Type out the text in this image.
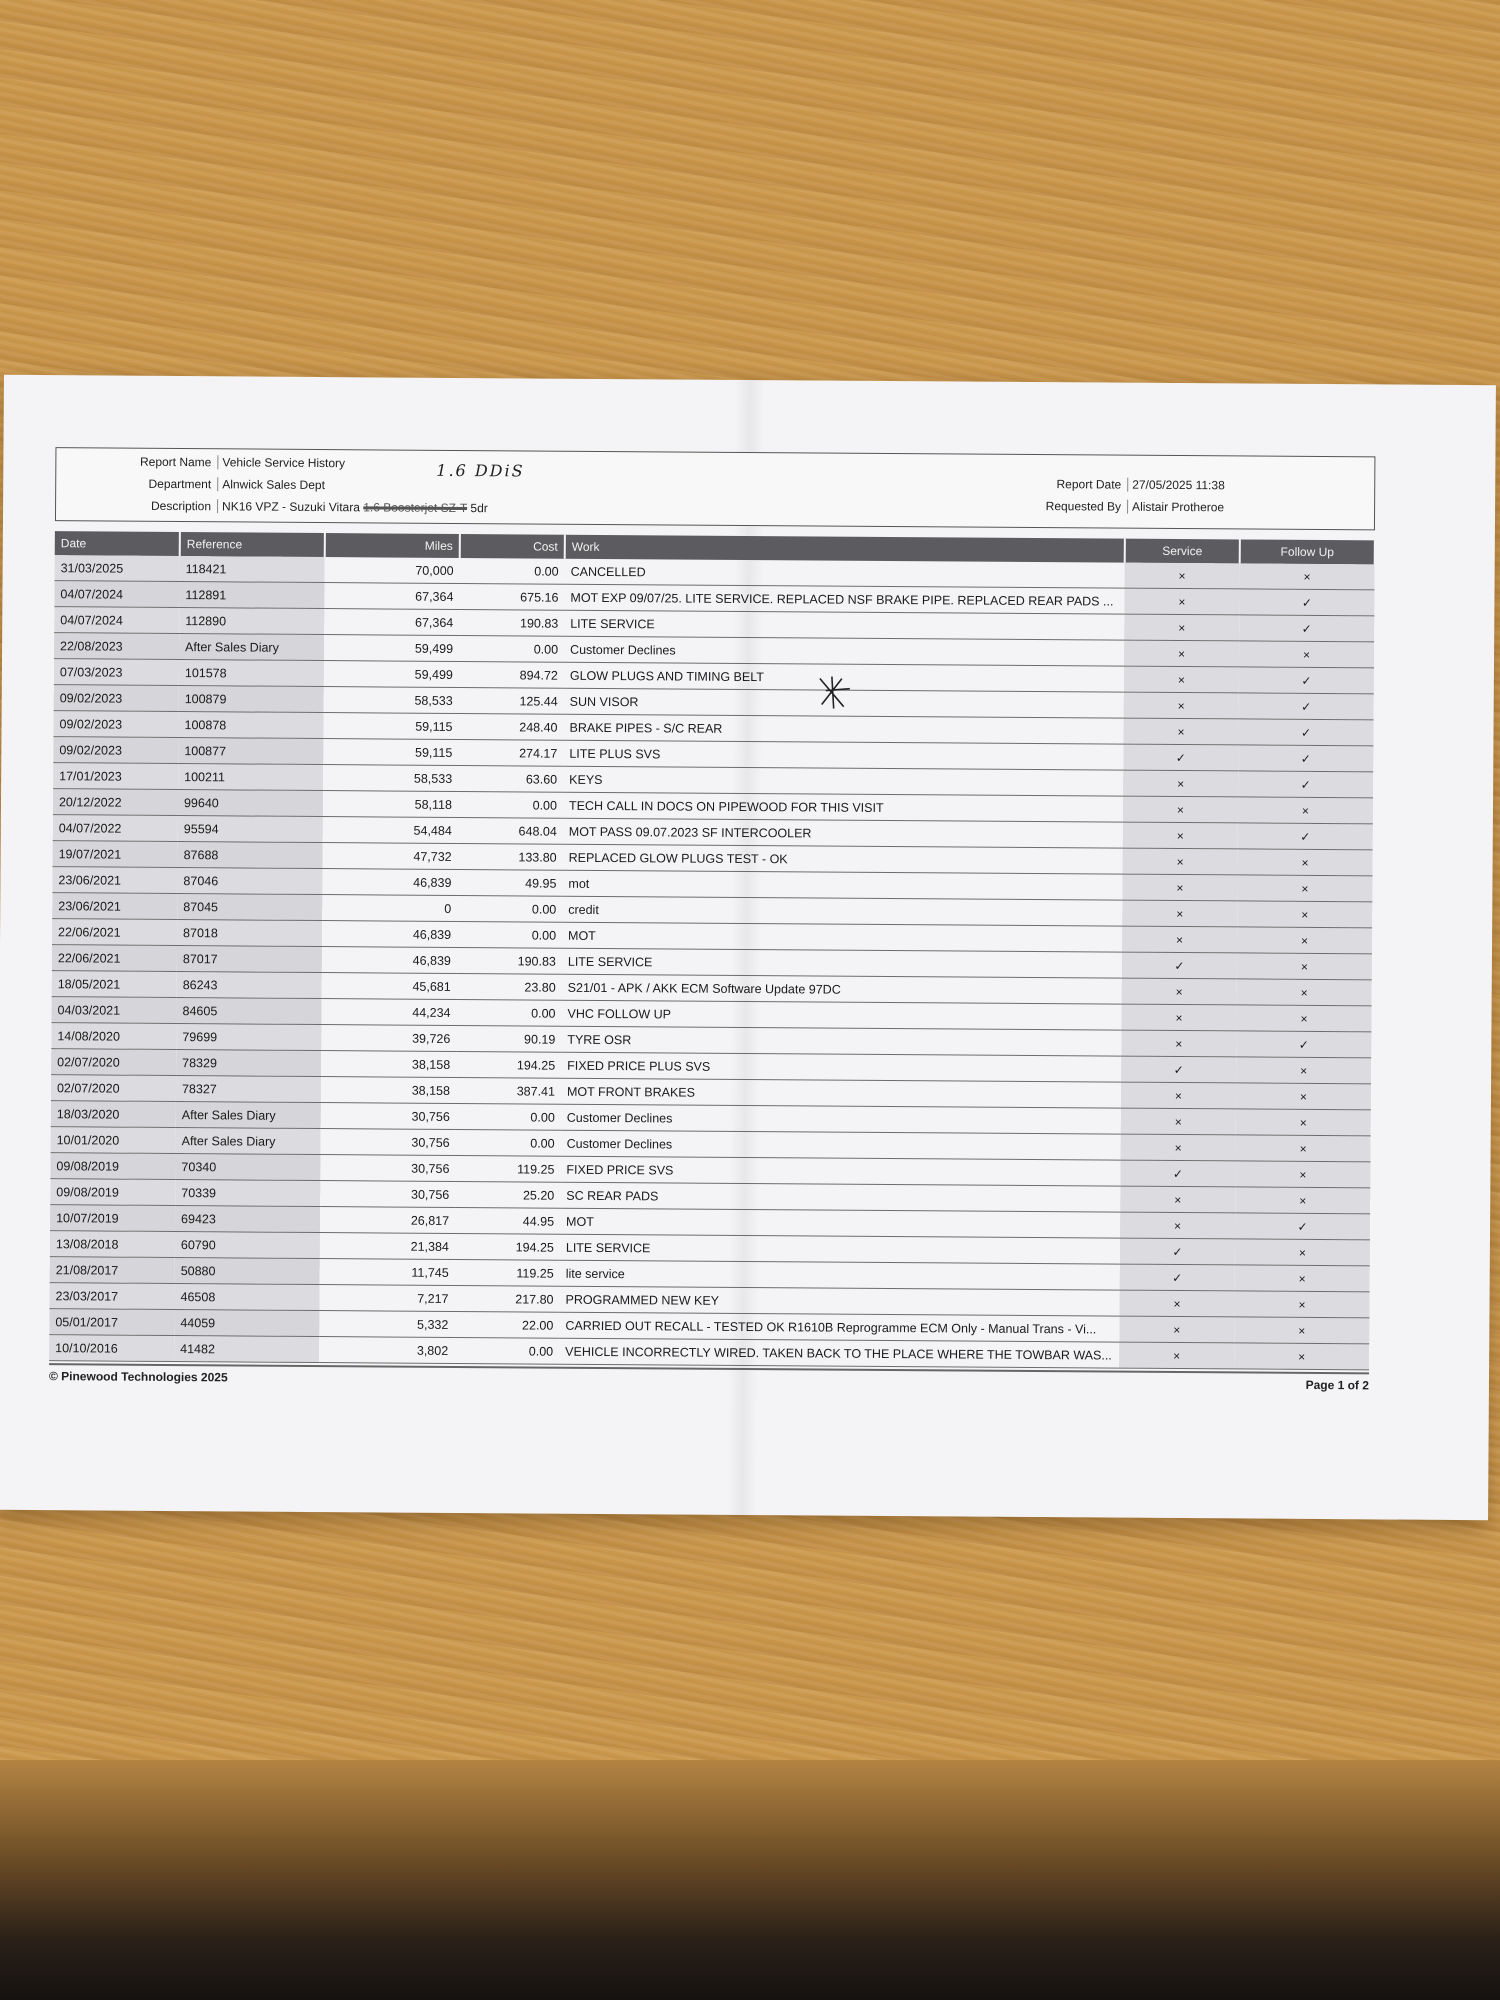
Report Name Vehicle Service History
Department Alnwick Sales Dept
Description NK16 VPZ - Suzuki Vitara 1.6 Boosterjet SZ-T 5dr
1.6 DDiS
Report Date 27/05/2025 11:38
Requested By Alistair Protheroe
Date	Reference	Miles	Cost	Work	Service	Follow Up
31/03/2025	118421	70,000	0.00	CANCELLED	×	×
04/07/2024	112891	67,364	675.16	MOT EXP 09/07/25. LITE SERVICE. REPLACED NSF BRAKE PIPE. REPLACED REAR PADS ...	×	✓
04/07/2024	112890	67,364	190.83	LITE SERVICE	×	✓
22/08/2023	After Sales Diary	59,499	0.00	Customer Declines	×	×
07/03/2023	101578	59,499	894.72	GLOW PLUGS AND TIMING BELT	×	✓
09/02/2023	100879	58,533	125.44	SUN VISOR	×	✓
09/02/2023	100878	59,115	248.40	BRAKE PIPES - S/C REAR	×	✓
09/02/2023	100877	59,115	274.17	LITE PLUS SVS	✓	✓
17/01/2023	100211	58,533	63.60	KEYS	×	✓
20/12/2022	99640	58,118	0.00	TECH CALL IN DOCS ON PIPEWOOD FOR THIS VISIT	×	×
04/07/2022	95594	54,484	648.04	MOT PASS 09.07.2023 SF INTERCOOLER	×	✓
19/07/2021	87688	47,732	133.80	REPLACED GLOW PLUGS TEST - OK	×	×
23/06/2021	87046	46,839	49.95	mot	×	×
23/06/2021	87045	0	0.00	credit	×	×
22/06/2021	87018	46,839	0.00	MOT	×	×
22/06/2021	87017	46,839	190.83	LITE SERVICE	✓	×
18/05/2021	86243	45,681	23.80	S21/01 - APK / AKK ECM Software Update 97DC	×	×
04/03/2021	84605	44,234	0.00	VHC FOLLOW UP	×	×
14/08/2020	79699	39,726	90.19	TYRE OSR	×	✓
02/07/2020	78329	38,158	194.25	FIXED PRICE PLUS SVS	✓	×
02/07/2020	78327	38,158	387.41	MOT FRONT BRAKES	×	×
18/03/2020	After Sales Diary	30,756	0.00	Customer Declines	×	×
10/01/2020	After Sales Diary	30,756	0.00	Customer Declines	×	×
09/08/2019	70340	30,756	119.25	FIXED PRICE SVS	✓	×
09/08/2019	70339	30,756	25.20	SC REAR PADS	×	×
10/07/2019	69423	26,817	44.95	MOT	×	✓
13/08/2018	60790	21,384	194.25	LITE SERVICE	✓	×
21/08/2017	50880	11,745	119.25	lite service	✓	×
23/03/2017	46508	7,217	217.80	PROGRAMMED NEW KEY	×	×
05/01/2017	44059	5,332	22.00	CARRIED OUT RECALL - TESTED OK R1610B Reprogramme ECM Only - Manual Trans - Vi...	×	×
10/10/2016	41482	3,802	0.00	VEHICLE INCORRECTLY WIRED. TAKEN BACK TO THE PLACE WHERE THE TOWBAR WAS...	×	×
© Pinewood Technologies 2025
Page 1 of 2
